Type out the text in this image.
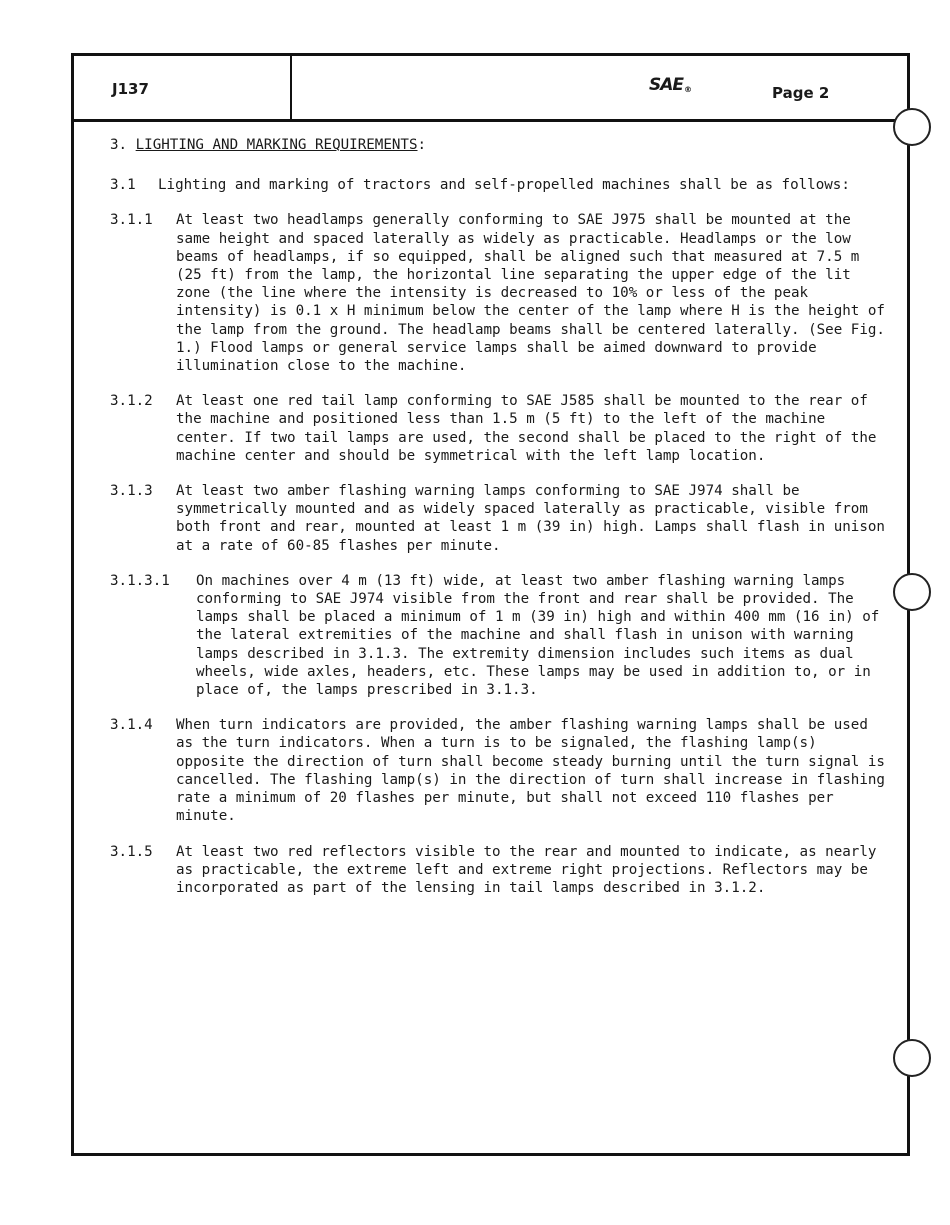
J137	SAE®	Page 2
3. LIGHTING AND MARKING REQUIREMENTS:
3.1	Lighting and marking of tractors and self-propelled machines shall be as follows:
3.1.1	At least two headlamps generally conforming to SAE J975 shall be mounted at the same height and spaced laterally as widely as practicable. Headlamps or the low beams of headlamps, if so equipped, shall be aligned such that measured at 7.5 m (25 ft) from the lamp, the horizontal line separating the upper edge of the lit zone (the line where the intensity is decreased to 10% or less of the peak intensity) is 0.1 x H minimum below the center of the lamp where H is the height of the lamp from the ground. The headlamp beams shall be centered laterally. (See Fig. 1.) Flood lamps or general service lamps shall be aimed downward to provide illumination close to the machine.
3.1.2	At least one red tail lamp conforming to SAE J585 shall be mounted to the rear of the machine and positioned less than 1.5 m (5 ft) to the left of the machine center. If two tail lamps are used, the second shall be placed to the right of the machine center and should be symmetrical with the left lamp location.
3.1.3	At least two amber flashing warning lamps conforming to SAE J974 shall be symmetrically mounted and as widely spaced laterally as practicable, visible from both front and rear, mounted at least 1 m (39 in) high. Lamps shall flash in unison at a rate of 60-85 flashes per minute.
3.1.3.1	On machines over 4 m (13 ft) wide, at least two amber flashing warning lamps conforming to SAE J974 visible from the front and rear shall be provided. The lamps shall be placed a minimum of 1 m (39 in) high and within 400 mm (16 in) of the lateral extremities of the machine and shall flash in unison with warning lamps described in 3.1.3. The extremity dimension includes such items as dual wheels, wide axles, headers, etc. These lamps may be used in addition to, or in place of, the lamps prescribed in 3.1.3.
3.1.4	When turn indicators are provided, the amber flashing warning lamps shall be used as the turn indicators. When a turn is to be signaled, the flashing lamp(s) opposite the direction of turn shall become steady burning until the turn signal is cancelled. The flashing lamp(s) in the direction of turn shall increase in flashing rate a minimum of 20 flashes per minute, but shall not exceed 110 flashes per minute.
3.1.5	At least two red reflectors visible to the rear and mounted to indicate, as nearly as practicable, the extreme left and extreme right projections. Reflectors may be incorporated as part of the lensing in tail lamps described in 3.1.2.
